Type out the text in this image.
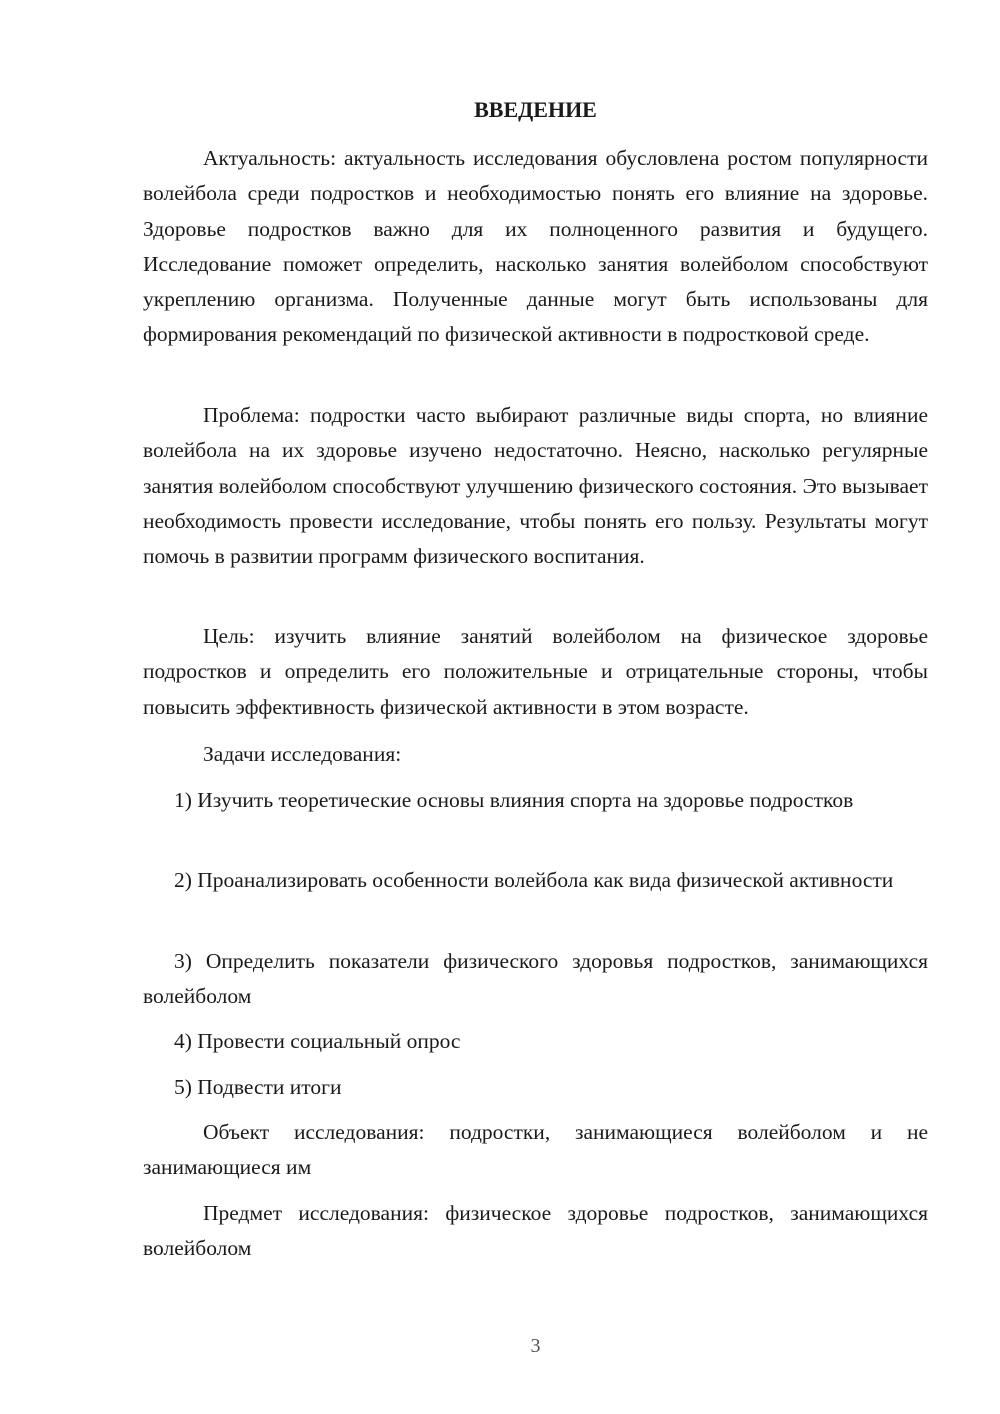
ВВЕДЕНИЕ

Актуальность: актуальность исследования обусловлена ростом популярности волейбола среди подростков и необходимостью понять его влияние на здоровье. Здоровье подростков важно для их полноценного развития и будущего. Исследование поможет определить, насколько занятия волейболом способствуют укреплению организма. Полученные данные могут быть использованы для формирования рекомендаций по физической активности в подростковой среде.

Проблема: подростки часто выбирают различные виды спорта, но влияние волейбола на их здоровье изучено недостаточно. Неясно, насколько регулярные занятия волейболом способствуют улучшению физического состояния. Это вызывает необходимость провести исследование, чтобы понять его пользу. Результаты могут помочь в развитии программ физического воспитания.

Цель: изучить влияние занятий волейболом на физическое здоровье подростков и определить его положительные и отрицательные стороны, чтобы повысить эффективность физической активности в этом возрасте.

Задачи исследования:

1) Изучить теоретические основы влияния спорта на здоровье подростков

2) Проанализировать особенности волейбола как вида физической активности

3) Определить показатели физического здоровья подростков, занимающихся волейболом

4) Провести социальный опрос

5) Подвести итоги

Объект исследования: подростки, занимающиеся волейболом и не занимающиеся им

Предмет исследования: физическое здоровье подростков, занимающихся волейболом

3
